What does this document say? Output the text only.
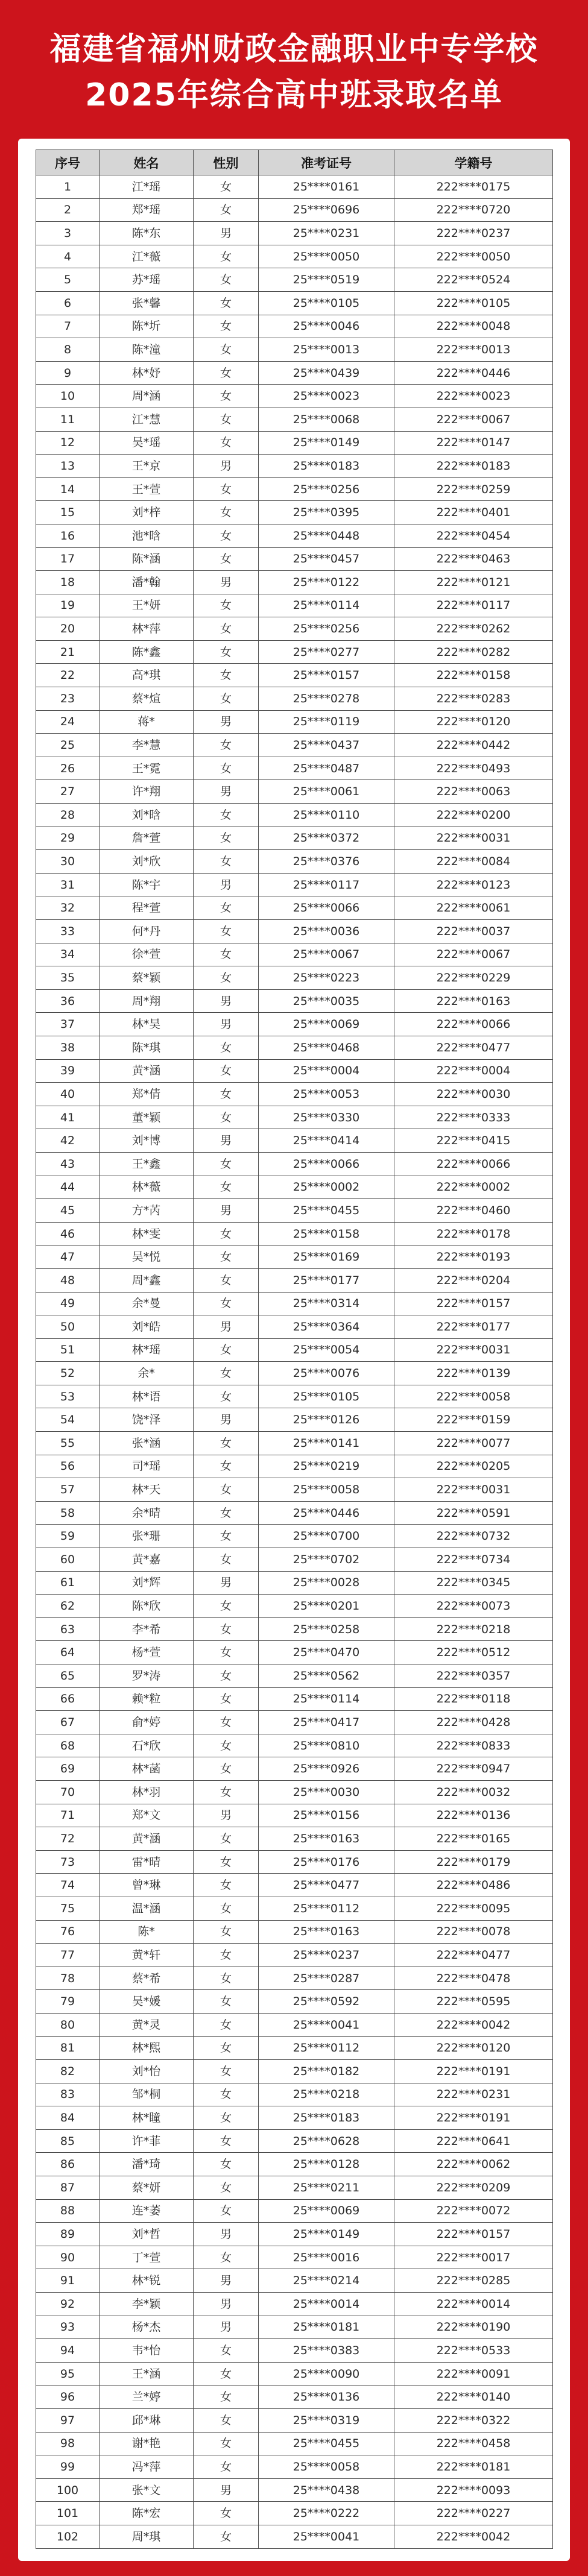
福建省福州财政金融职业中专学校
2025年综合高中班录取名单
序号	姓名	性别	准考证号	学籍号
1	江*瑶	女	25****0161	222****0175
2	郑*瑶	女	25****0696	222****0720
3	陈*东	男	25****0231	222****0237
4	江*薇	女	25****0050	222****0050
5	苏*瑶	女	25****0519	222****0524
6	张*馨	女	25****0105	222****0105
7	陈*圻	女	25****0046	222****0048
8	陈*潼	女	25****0013	222****0013
9	林*妤	女	25****0439	222****0446
10	周*涵	女	25****0023	222****0023
11	江*慧	女	25****0068	222****0067
12	吴*瑶	女	25****0149	222****0147
13	王*京	男	25****0183	222****0183
14	王*萱	女	25****0256	222****0259
15	刘*梓	女	25****0395	222****0401
16	池*晗	女	25****0448	222****0454
17	陈*涵	女	25****0457	222****0463
18	潘*翰	男	25****0122	222****0121
19	王*妍	女	25****0114	222****0117
20	林*萍	女	25****0256	222****0262
21	陈*鑫	女	25****0277	222****0282
22	高*琪	女	25****0157	222****0158
23	蔡*煊	女	25****0278	222****0283
24	蒋*	男	25****0119	222****0120
25	李*慧	女	25****0437	222****0442
26	王*霓	女	25****0487	222****0493
27	许*翔	男	25****0061	222****0063
28	刘*晗	女	25****0110	222****0200
29	詹*萱	女	25****0372	222****0031
30	刘*欣	女	25****0376	222****0084
31	陈*宇	男	25****0117	222****0123
32	程*萱	女	25****0066	222****0061
33	何*丹	女	25****0036	222****0037
34	徐*萱	女	25****0067	222****0067
35	蔡*颖	女	25****0223	222****0229
36	周*翔	男	25****0035	222****0163
37	林*昊	男	25****0069	222****0066
38	陈*琪	女	25****0468	222****0477
39	黄*涵	女	25****0004	222****0004
40	郑*倩	女	25****0053	222****0030
41	董*颖	女	25****0330	222****0333
42	刘*博	男	25****0414	222****0415
43	王*鑫	女	25****0066	222****0066
44	林*薇	女	25****0002	222****0002
45	方*芮	男	25****0455	222****0460
46	林*雯	女	25****0158	222****0178
47	吴*悦	女	25****0169	222****0193
48	周*鑫	女	25****0177	222****0204
49	余*曼	女	25****0314	222****0157
50	刘*皓	男	25****0364	222****0177
51	林*瑶	女	25****0054	222****0031
52	余*	女	25****0076	222****0139
53	林*语	女	25****0105	222****0058
54	饶*泽	男	25****0126	222****0159
55	张*涵	女	25****0141	222****0077
56	司*瑶	女	25****0219	222****0205
57	林*天	女	25****0058	222****0031
58	余*晴	女	25****0446	222****0591
59	张*珊	女	25****0700	222****0732
60	黄*嘉	女	25****0702	222****0734
61	刘*辉	男	25****0028	222****0345
62	陈*欣	女	25****0201	222****0073
63	李*希	女	25****0258	222****0218
64	杨*萱	女	25****0470	222****0512
65	罗*涛	女	25****0562	222****0357
66	赖*粒	女	25****0114	222****0118
67	俞*婷	女	25****0417	222****0428
68	石*欣	女	25****0810	222****0833
69	林*菡	女	25****0926	222****0947
70	林*羽	女	25****0030	222****0032
71	郑*文	男	25****0156	222****0136
72	黄*涵	女	25****0163	222****0165
73	雷*晴	女	25****0176	222****0179
74	曾*琳	女	25****0477	222****0486
75	温*涵	女	25****0112	222****0095
76	陈*	女	25****0163	222****0078
77	黄*轩	女	25****0237	222****0477
78	蔡*希	女	25****0287	222****0478
79	吴*媛	女	25****0592	222****0595
80	黄*灵	女	25****0041	222****0042
81	林*熙	女	25****0112	222****0120
82	刘*怡	女	25****0182	222****0191
83	邹*桐	女	25****0218	222****0231
84	林*瞳	女	25****0183	222****0191
85	许*菲	女	25****0628	222****0641
86	潘*琦	女	25****0128	222****0062
87	蔡*妍	女	25****0211	222****0209
88	连*萎	女	25****0069	222****0072
89	刘*哲	男	25****0149	222****0157
90	丁*萱	女	25****0016	222****0017
91	林*锐	男	25****0214	222****0285
92	李*颖	男	25****0014	222****0014
93	杨*杰	男	25****0181	222****0190
94	韦*怡	女	25****0383	222****0533
95	王*涵	女	25****0090	222****0091
96	兰*婷	女	25****0136	222****0140
97	邱*琳	女	25****0319	222****0322
98	谢*艳	女	25****0455	222****0458
99	冯*萍	女	25****0058	222****0181
100	张*文	男	25****0438	222****0093
101	陈*宏	女	25****0222	222****0227
102	周*琪	女	25****0041	222****0042
